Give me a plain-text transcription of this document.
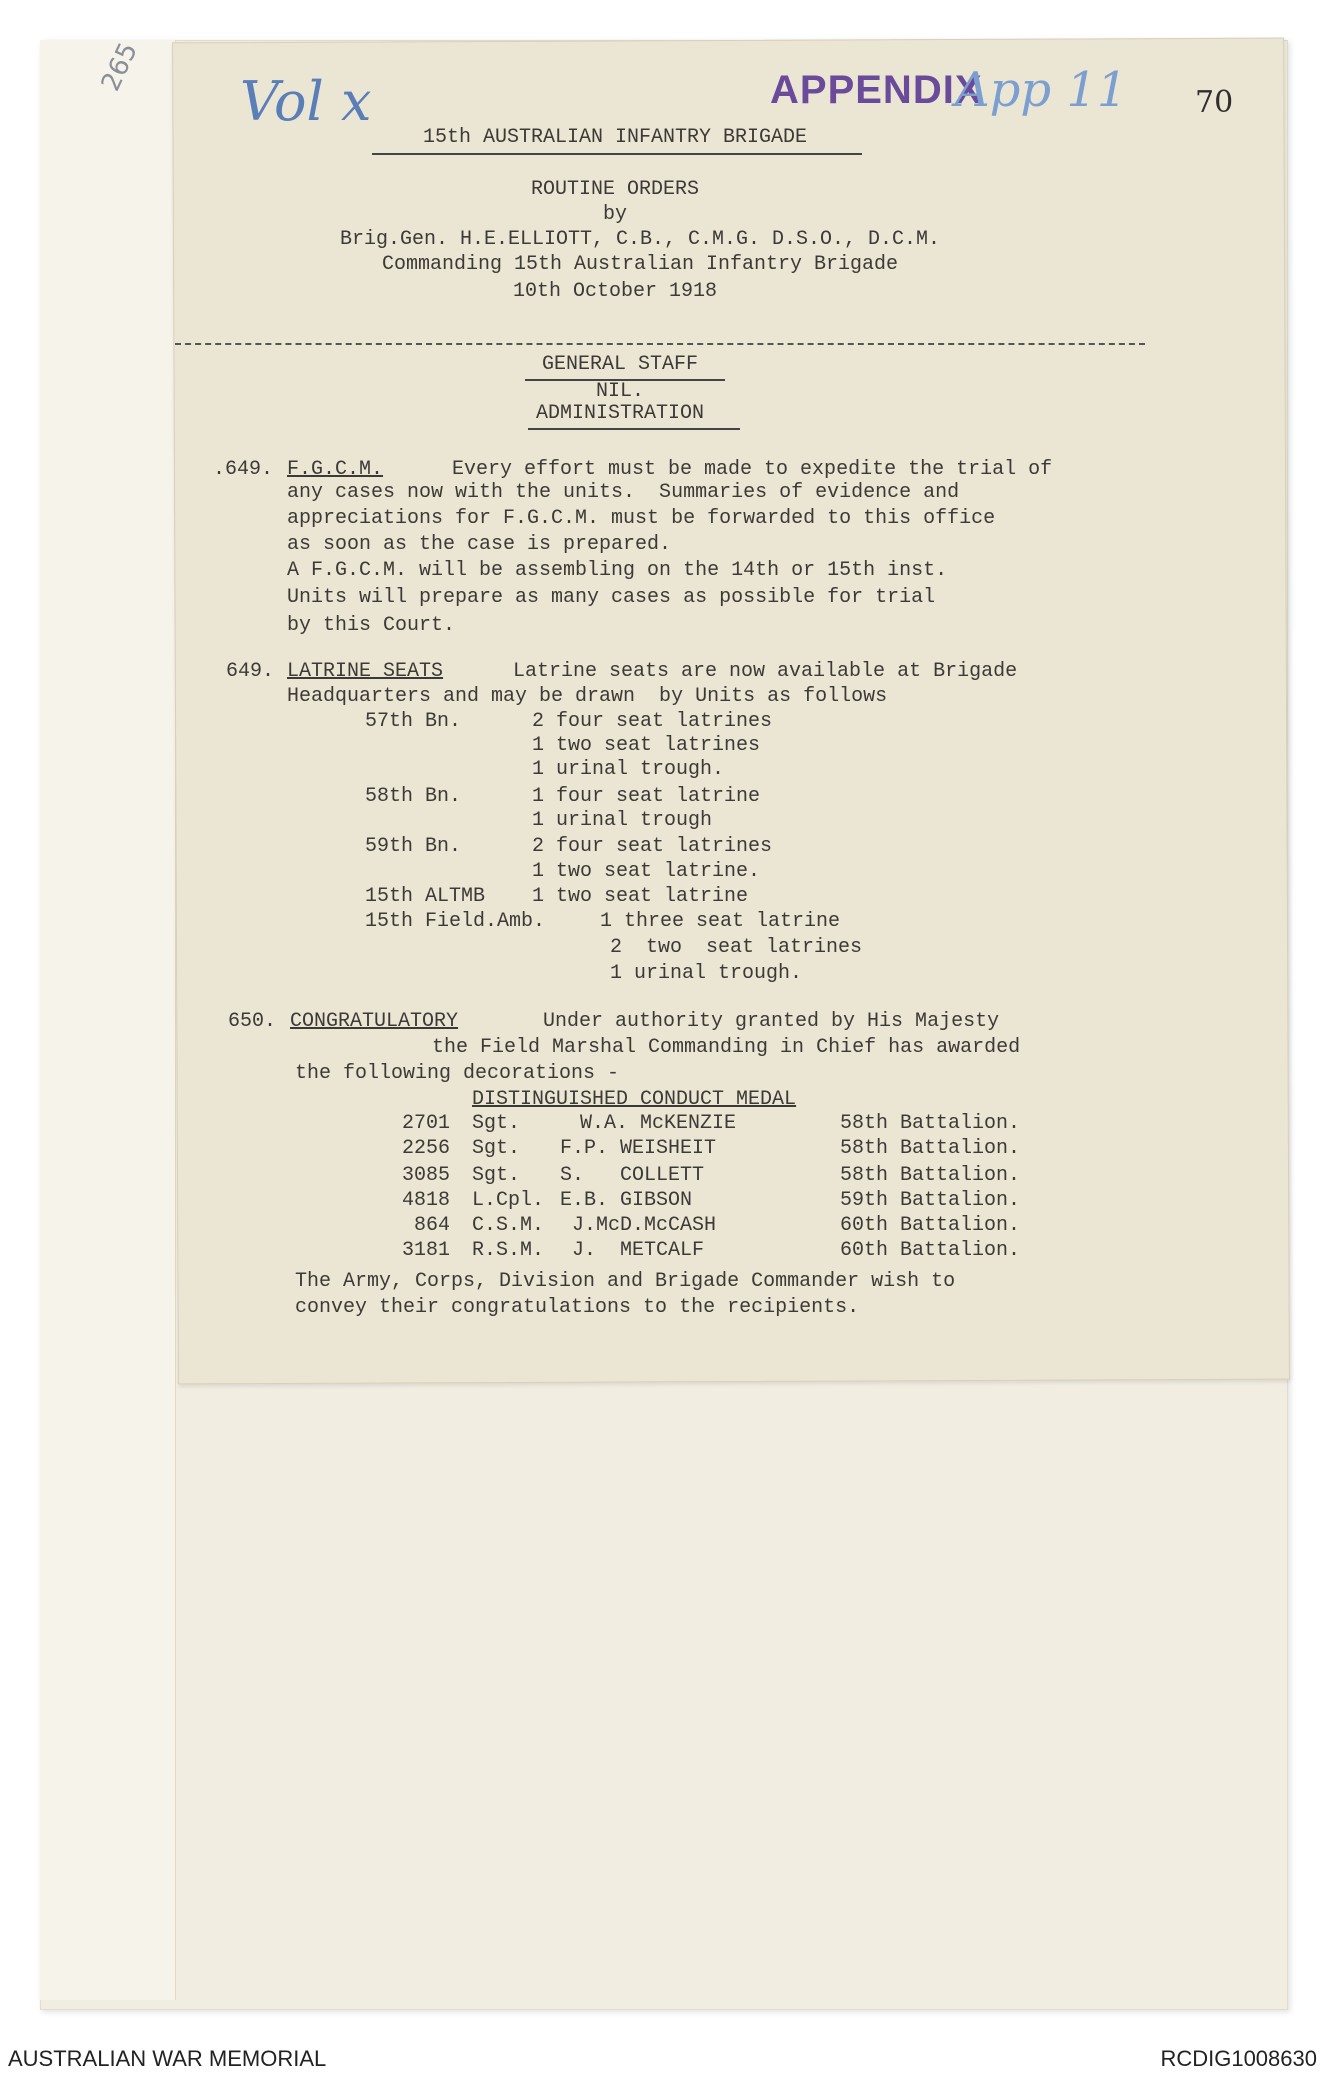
265
Vol x	APPENDIX
App 11 70
15th AUSTRALIAN INFANTRY BRIGADE
ROUTINE ORDERS
by
Brig.Gen. H.E.ELLIOTT, C.B., C.M.G. D.S.O., D.C.M.
Commanding 15th Australian Infantry Brigade
10th October 1918
GENERAL STAFF
NIL.
ADMINISTRATION
.649. F.G.C.M.	Every effort must be made to expedite the trial of
any cases now with the units.  Summaries of evidence and
appreciations for F.G.C.M. must be forwarded to this office
as soon as the case is prepared.
A F.G.C.M. will be assembling on the 14th or 15th inst.
Units will prepare as many cases as possible for trial
by this Court.
649. LATRINE SEATS	Latrine seats are now available at Brigade
Headquarters and may be drawn  by Units as follows
57th Bn.	2 four seat latrines
1 two seat latrines
1 urinal trough.
58th Bn.	1 four seat latrine
1 urinal trough
59th Bn.	2 four seat latrines
1 two seat latrine.
15th ALTMB 1 two seat latrine
15th Field.Amb.	1 three seat latrine
2  two  seat latrines
1 urinal trough.
650. CONGRATULATORY	Under authority granted by His Majesty
the Field Marshal Commanding in Chief has awarded
the following decorations -
DISTINGUISHED CONDUCT MEDAL
2701 Sgt.	W.A. McKENZIE	58th Battalion.
2256 Sgt. F.P. WEISHEIT	58th Battalion.
3085 Sgt. S.   COLLETT	58th Battalion.
4818 L.Cpl. E.B. GIBSON	59th Battalion.
864 C.S.M. J.McD.McCASH	60th Battalion.
3181 R.S.M. J.  METCALF	60th Battalion.
The Army, Corps, Division and Brigade Commander wish to
convey their congratulations to the recipients.
AUSTRALIAN WAR MEMORIAL	RCDIG1008630
